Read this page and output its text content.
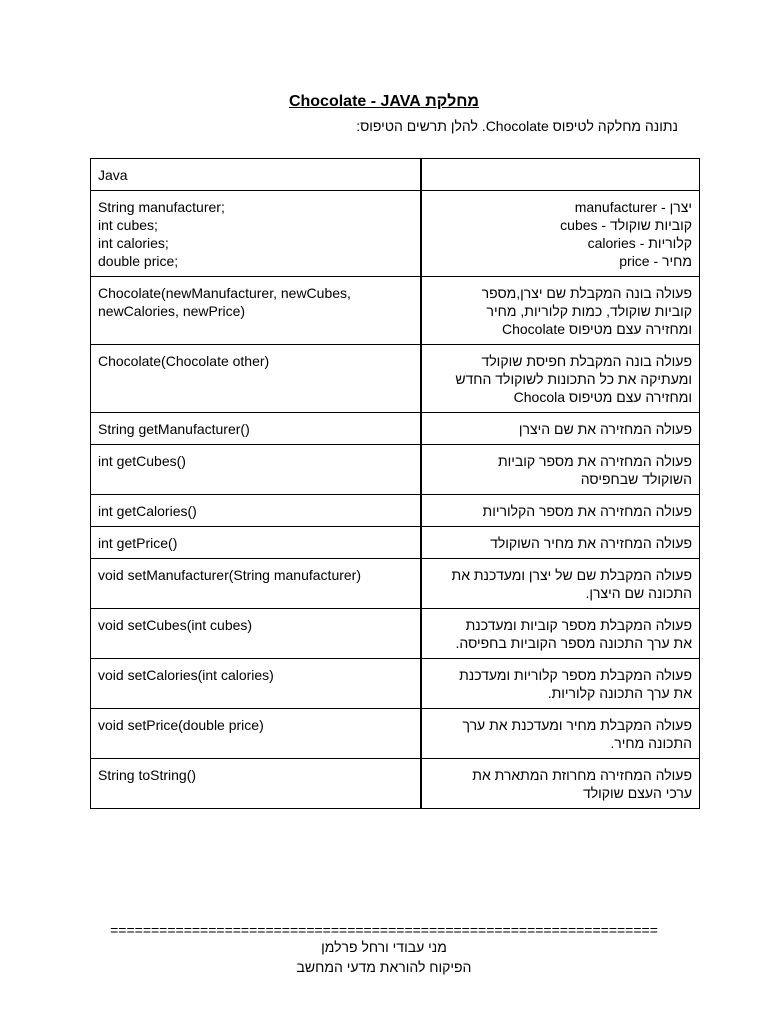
מחלקת Chocolate - JAVA
נתונה מחלקה לטיפוס Chocolate. להלן תרשים הטיפוס:
Java	

String manufacturer;
int cubes;
int calories;
double price;	יצרן - manufacturer
קוביות שוקולד - cubes
קלוריות - calories
מחיר - price

Chocolate(newManufacturer, newCubes,
newCalories, newPrice)	פעולה בונה המקבלת שם יצרן,מספר
קוביות שוקולד, כמות קלוריות, מחיר
ומחזירה עצם מטיפוס Chocolate

Chocolate(Chocolate other)	פעולה בונה המקבלת חפיסת שוקולד
ומעתיקה את כל התכונות לשוקולד החדש
ומחזירה עצם מטיפוס Chocola

String getManufacturer()	פעולה המחזירה את שם היצרן

int getCubes()	פעולה המחזירה את מספר קוביות
השוקולד שבחפיסה

int getCalories()	פעולה המחזירה את מספר הקלוריות

int getPrice()	פעולה המחזירה את מחיר השוקולד

void setManufacturer(String manufacturer)	פעולה המקבלת שם של יצרן ומעדכנת את
התכונה שם היצרן.

void setCubes(int cubes)	פעולה המקבלת מספר קוביות ומעדכנת
את ערך התכונה מספר הקוביות בחפיסה.

void setCalories(int calories)	פעולה המקבלת מספר קלוריות ומעדכנת
את ערך התכונה קלוריות.

void setPrice(double price)	פעולה המקבלת מחיר ומעדכנת את ערך
התכונה מחיר.

String toString()	פעולה המחזירה מחרוזת המתארת את
ערכי העצם שוקולד
===================================================================
מני עבודי ורחל פרלמן
הפיקוח להוראת מדעי המחשב
